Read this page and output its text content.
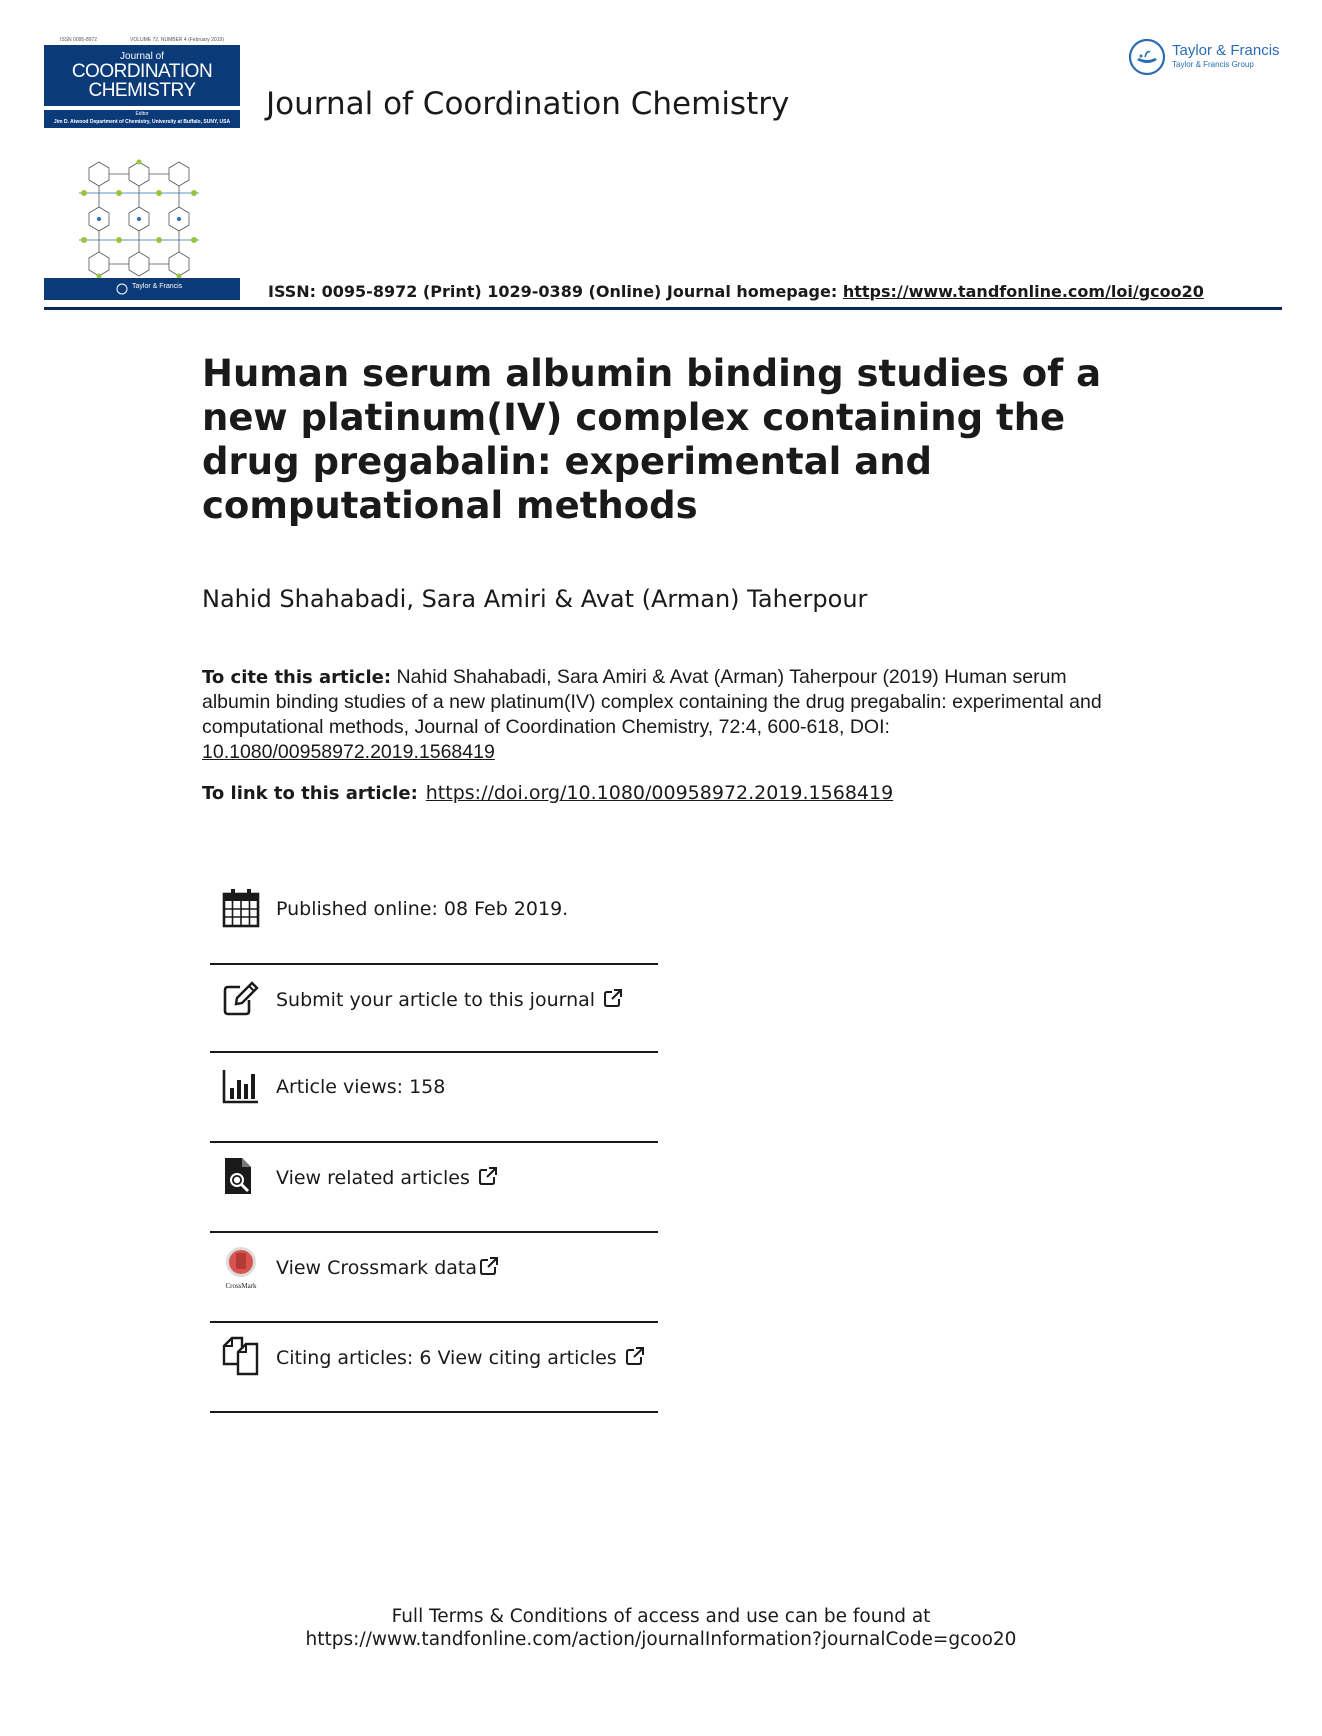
ISSN 0095-8972	VOLUME 72, NUMBER 4 (February 2019)
Journal of
COORDINATION
CHEMISTRY
Editor
Jim D. Atwood Department of Chemistry, University at Buffalo, SUNY, USA
Taylor & Francis
Journal of Coordination Chemistry
Taylor & Francis
Taylor & Francis Group
ISSN: 0095-8972 (Print) 1029-0389 (Online) Journal homepage: https://www.tandfonline.com/loi/gcoo20
Human serum albumin binding studies of a new platinum(IV) complex containing the drug pregabalin: experimental and computational methods
Nahid Shahabadi, Sara Amiri & Avat (Arman) Taherpour
To cite this article: Nahid Shahabadi, Sara Amiri & Avat (Arman) Taherpour (2019) Human serum albumin binding studies of a new platinum(IV) complex containing the drug pregabalin: experimental and computational methods, Journal of Coordination Chemistry, 72:4, 600-618, DOI: 10.1080/00958972.2019.1568419
To link to this article: https://doi.org/10.1080/00958972.2019.1568419
Published online: 08 Feb 2019.
Submit your article to this journal
Article views: 158
View related articles
CrossMark
View Crossmark data
Citing articles: 6 View citing articles
Full Terms & Conditions of access and use can be found at
https://www.tandfonline.com/action/journalInformation?journalCode=gcoo20
